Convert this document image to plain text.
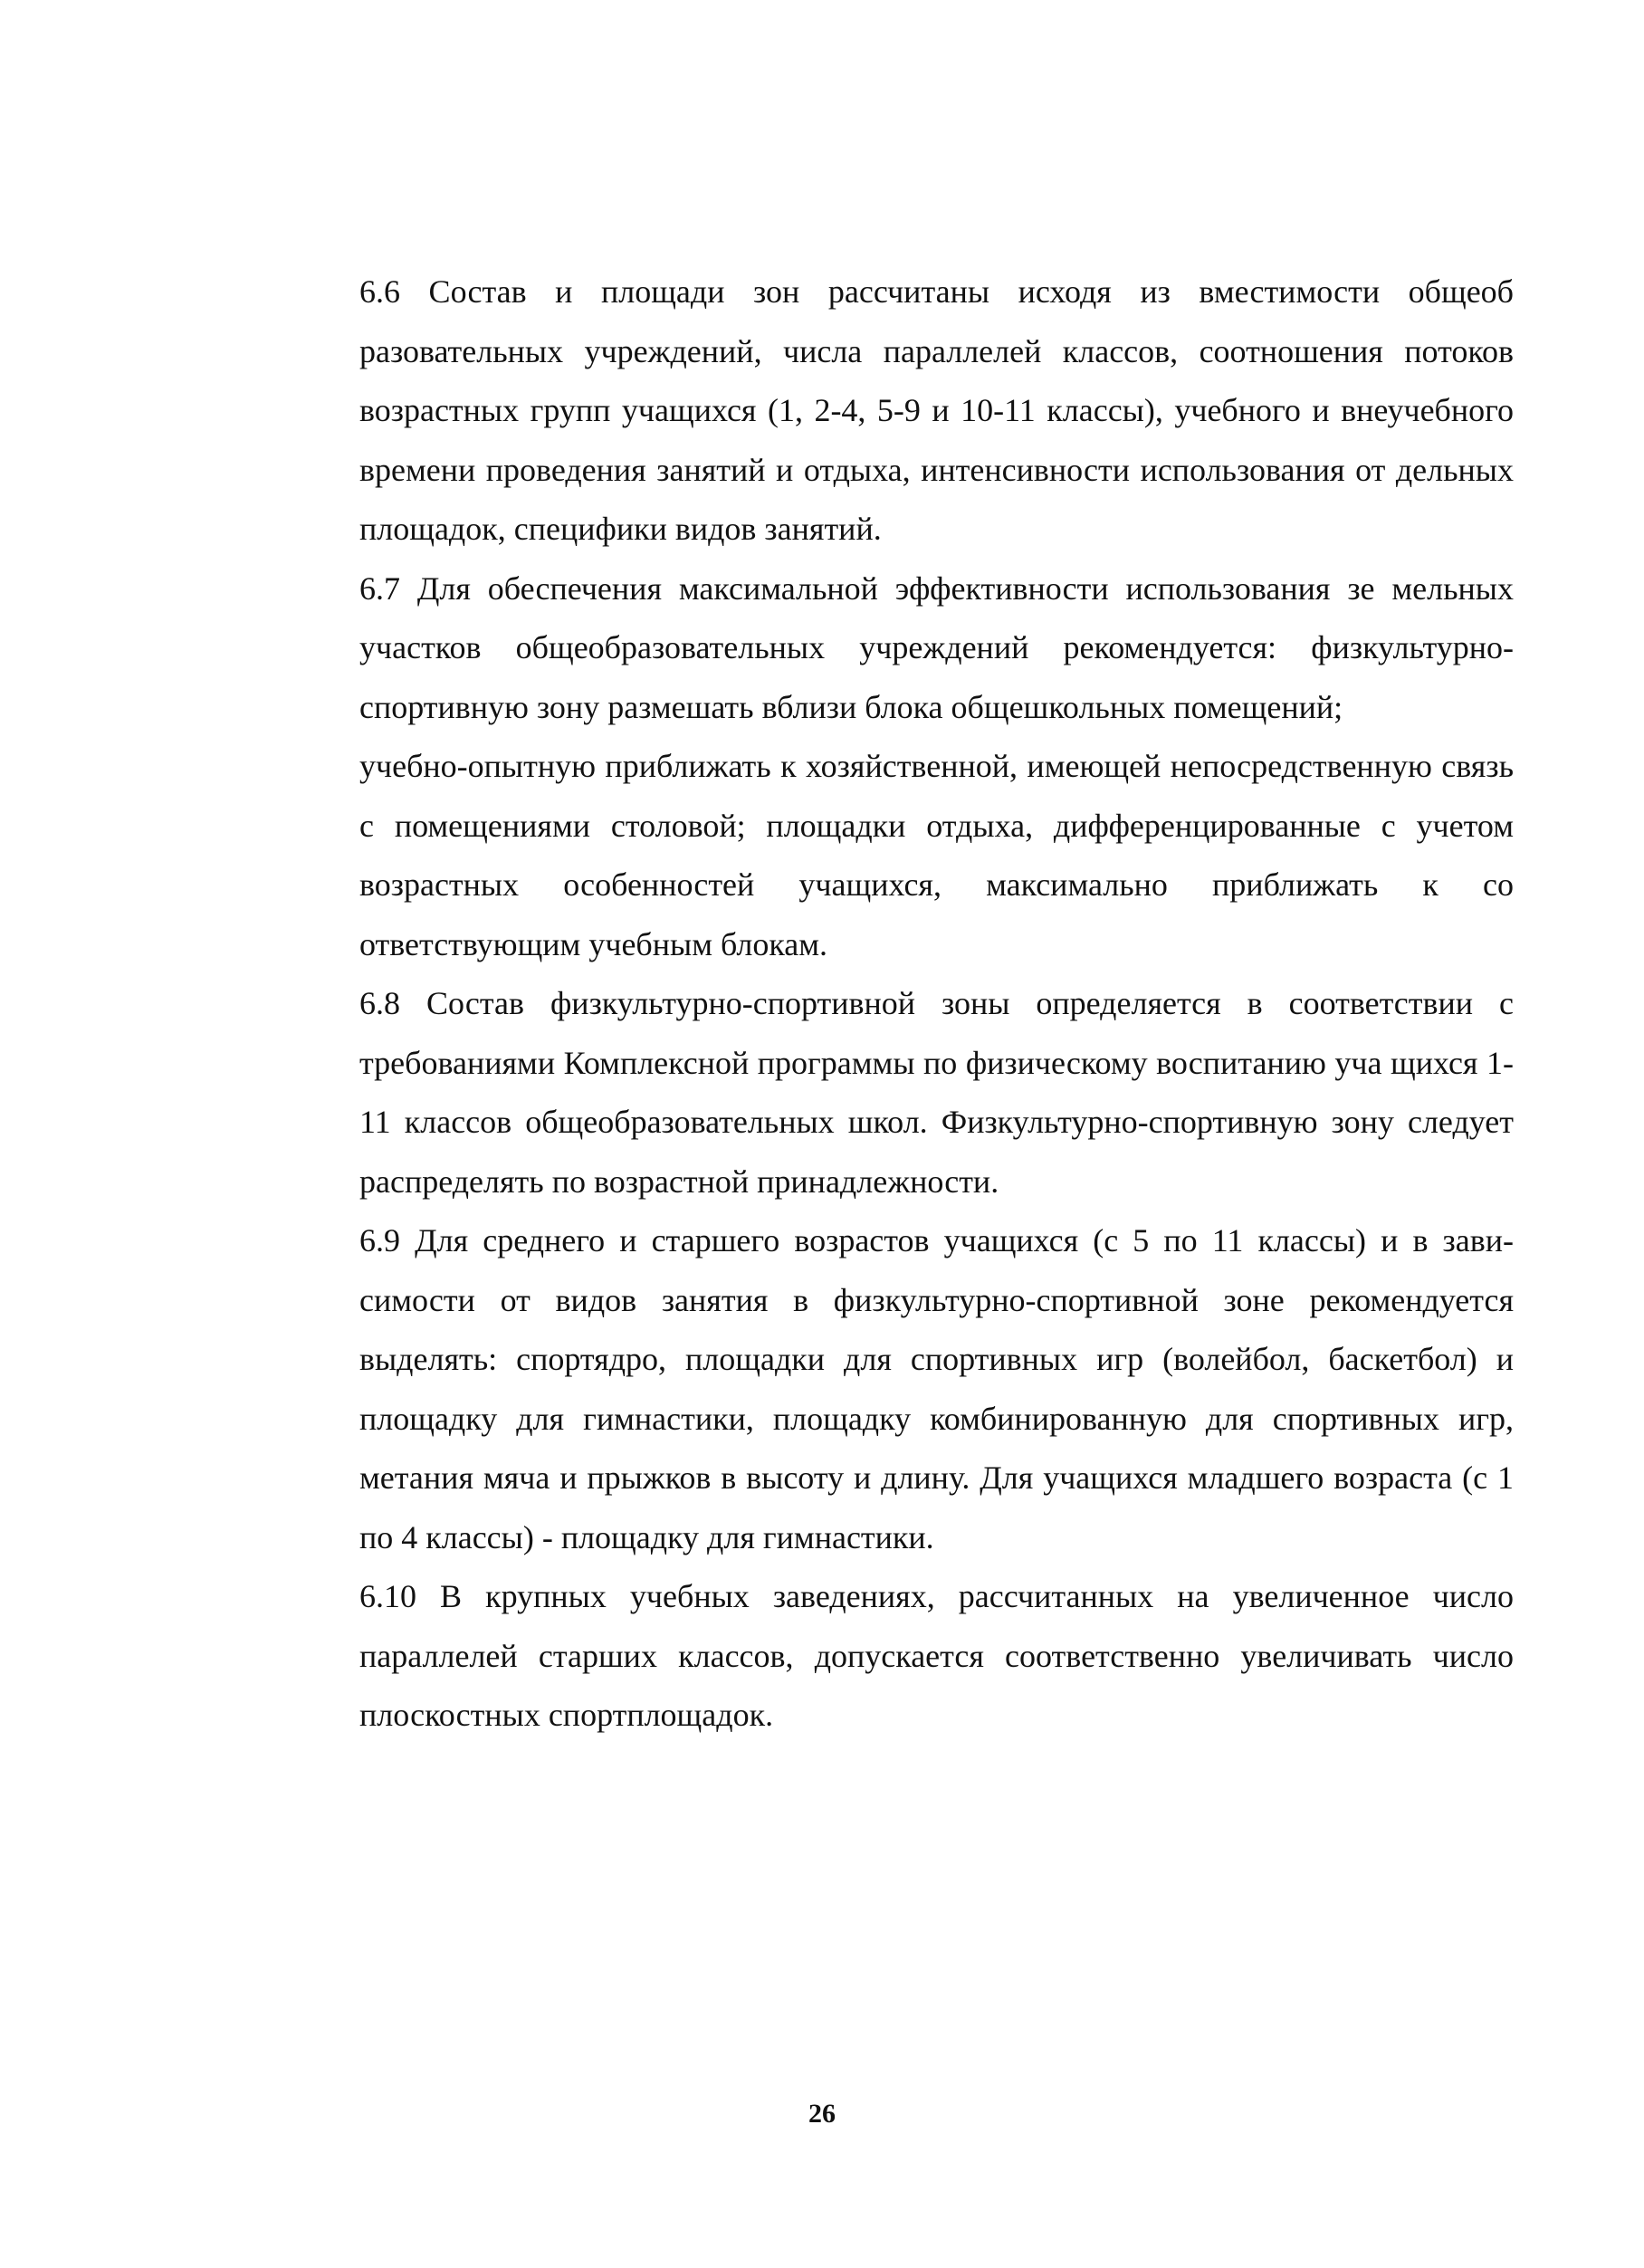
6.6 Состав и площади зон рассчитаны исходя из вместимости общеоб разовательных учреждений, числа параллелей классов, соотношения потоков возрастных групп учащихся (1, 2-4, 5-9 и 10-11 классы), учебного и внеучебного времени проведения занятий и отдыха, интенсивности использования от дельных площадок, специфики видов занятий.

6.7 Для обеспечения максимальной эффективности использования зе мельных участков общеобразовательных учреждений рекомендуется: физкультурно-спортивную зону размешать вблизи блока общешкольных помещений;

учебно-опытную приближать к хозяйственной, имеющей непосредственную связь с помещениями столовой; площадки отдыха, дифференцированные с учетом возрастных особенностей учащихся, максимально приближать к со ответствующим учебным блокам.

6.8 Состав физкультурно-спортивной зоны определяется в соответствии с требованиями Комплексной программы по физическому воспитанию уча щихся 1-11 классов общеобразовательных школ. Физкультурно-спортивную зону следует распределять по возрастной принадлежности.

6.9 Для среднего и старшего возрастов учащихся (с 5 по 11 классы) и в зависимости от видов занятия в физкультурно-спортивной зоне рекомендуется выделять: спортядро, площадки для спортивных игр (волейбол, баскетбол) и площадку для гимнастики, площадку комбинированную для спортивных игр, метания мяча и прыжков в высоту и длину. Для учащихся младшего возраста (с 1 по 4 классы) - площадку для гимнастики.

6.10 В крупных учебных заведениях, рассчитанных на увеличенное число параллелей старших классов, допускается соответственно увеличивать число плоскостных спортплощадок.

26
